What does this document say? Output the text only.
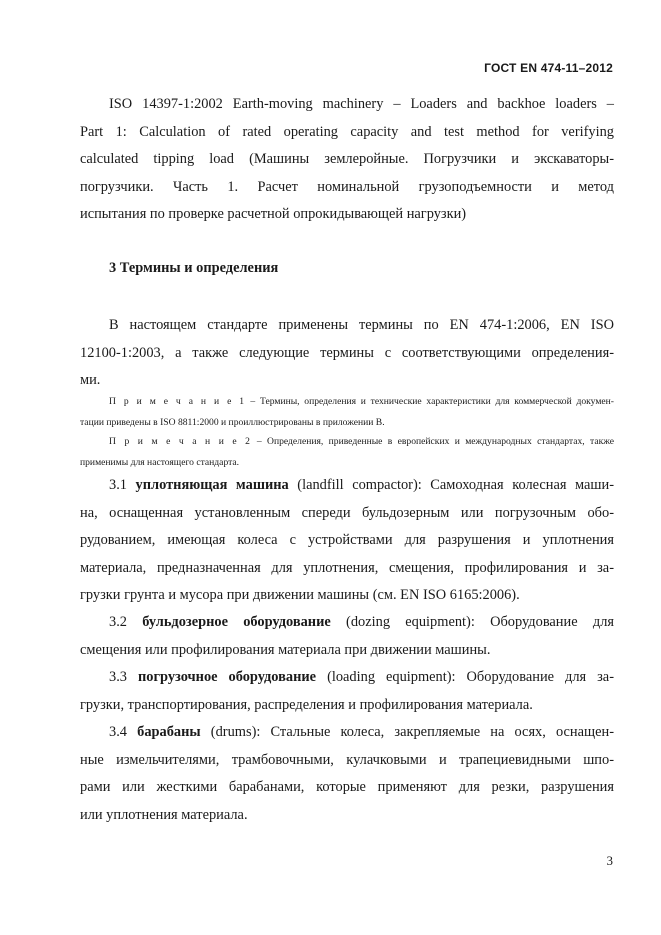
ГОСТ EN 474-11–2012
ISO 14397-1:2002 Earth-moving machinery – Loaders and backhoe loaders –
Part 1: Calculation of rated operating capacity and test method for verifying
calculated tipping load (Машины землеройные. Погрузчики и экскаваторы-
погрузчики. Часть 1. Расчет номинальной грузоподъемности и метод
испытания по проверке расчетной опрокидывающей нагрузки)
3 Термины и определения
В настоящем стандарте применены термины по EN 474-1:2006, EN ISO
12100-1:2003, а также следующие термины с соответствующими определения-
ми.
П р и м е ч а н и е 1 – Термины, определения и технические характеристики для коммерческой докумен-
тации приведены в ISO 8811:2000 и проиллюстрированы в приложении B.
П р и м е ч а н и е 2 – Определения, приведенные в европейских и международных стандартах, также
применимы для настоящего стандарта.
3.1 уплотняющая машина (landfill compactor): Самоходная колесная маши-
на, оснащенная установленным спереди бульдозерным или погрузочным обо-
рудованием, имеющая колеса с устройствами для разрушения и уплотнения
материала, предназначенная для уплотнения, смещения, профилирования и за-
грузки грунта и мусора при движении машины (см. EN ISO 6165:2006).
3.2 бульдозерное оборудование (dozing equipment): Оборудование для
смещения или профилирования материала при движении машины.
3.3 погрузочное оборудование (loading equipment): Оборудование для за-
грузки, транспортирования, распределения и профилирования материала.
3.4 барабаны (drums): Стальные колеса, закрепляемые на осях, оснащен-
ные измельчителями, трамбовочными, кулачковыми и трапециевидными шпо-
рами или жесткими барабанами, которые применяют для резки, разрушения
или уплотнения материала.
3
